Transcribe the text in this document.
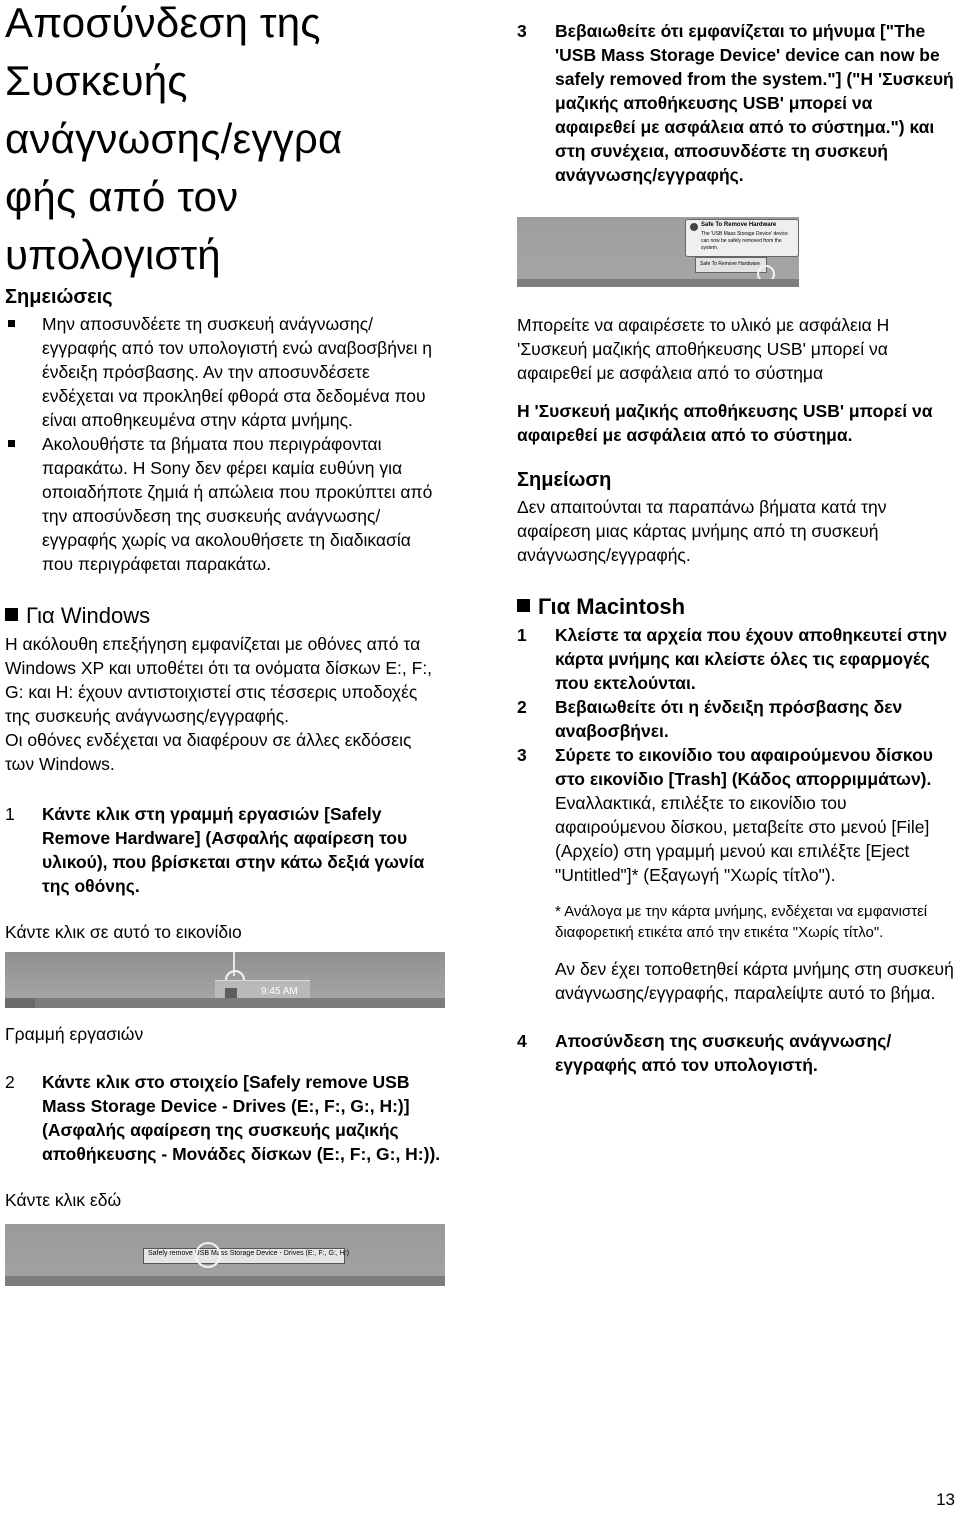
Αποσύνδεση της
Συσκευής
ανάγνωσης/εγγρα
φής από τον
υπολογιστή
Σημειώσεις
Μην αποσυνδέετε τη συσκευή ανάγνωσης/εγγραφής από τον υπολογιστή ενώ αναβοσβήνει η ένδειξη πρόσβασης. Αν την αποσυνδέσετε ενδέχεται να προκληθεί φθορά στα δεδομένα που είναι αποθηκευμένα στην κάρτα μνήμης.
Ακολουθήστε τα βήματα που περιγράφονται παρακάτω. Η Sony δεν φέρει καμία ευθύνη για οποιαδήποτε ζημιά ή απώλεια που προκύπτει από την αποσύνδεση της συσκευής ανάγνωσης/εγγραφής χωρίς να ακολουθήσετε τη διαδικασία που περιγράφεται παρακάτω.
Για Windows

Η ακόλουθη επεξήγηση εμφανίζεται με οθόνες από τα Windows XP και υποθέτει ότι τα ονόματα δίσκων E:, F:, G: και H: έχουν αντιστοιχιστεί στις τέσσερις υποδοχές της συσκευής ανάγνωσης/εγγραφής.

Οι οθόνες ενδέχεται να διαφέρουν σε άλλες εκδόσεις των Windows.

1 Κάντε κλικ στη γραμμή εργασιών [Safely Remove Hardware] (Ασφαλής αφαίρεση του υλικού), που βρίσκεται στην κάτω δεξιά γωνία της οθόνης.

Κάντε κλικ σε αυτό το εικονίδιο

9:45 AM

Γραμμή εργασιών

2 Κάντε κλικ στο στοιχείο [Safely remove USB Mass Storage Device - Drives (E:, F:, G:, H:)] (Ασφαλής αφαίρεση της συσκευής μαζικής αποθήκευσης - Μονάδες δίσκων (E:, F:, G:, H:)).

Κάντε κλικ εδώ

Safely remove USB Mass Storage Device - Drives (E:, F:, G:, H:)
3 Βεβαιωθείτε ότι εμφανίζεται το μήνυμα ["The 'USB Mass Storage Device' device can now be safely removed from the system."] ("Η 'Συσκευή μαζικής αποθήκευσης USB' μπορεί να αφαιρεθεί με ασφάλεια από το σύστημα.") και στη συνέχεια, αποσυνδέστε τη συσκευή ανάγνωσης/εγγραφής.
Safe To Remove Hardware
The 'USB Mass Storage Device' device can now be safely removed from the system.
Safe To Remove Hardware

Μπορείτε να αφαιρέσετε το υλικό με ασφάλεια Η 'Συσκευή μαζικής αποθήκευσης USB' μπορεί να αφαιρεθεί με ασφάλεια από το σύστημα

Η 'Συσκευή μαζικής αποθήκευσης USB' μπορεί να αφαιρεθεί με ασφάλεια από το σύστημα.

Σημείωση

Δεν απαιτούνται τα παραπάνω βήματα κατά την αφαίρεση μιας κάρτας μνήμης από τη συσκευή ανάγνωσης/εγγραφής.

Για Macintosh
1 Κλείστε τα αρχεία που έχουν αποθηκευτεί στην κάρτα μνήμης και κλείστε όλες τις εφαρμογές που εκτελούνται.
2 Βεβαιωθείτε ότι η ένδειξη πρόσβασης δεν αναβοσβήνει.
3 Σύρετε το εικονίδιο του αφαιρούμενου δίσκου στο εικονίδιο [Trash] (Κάδος απορριμμάτων).
Εναλλακτικά, επιλέξτε το εικονίδιο του αφαιρούμενου δίσκου, μεταβείτε στο μενού [File] (Αρχείο) στη γραμμή μενού και επιλέξτε [Eject "Untitled"]* (Εξαγωγή "Χωρίς τίτλο").

* Ανάλογα με την κάρτα μνήμης, ενδέχεται να εμφανιστεί διαφορετική ετικέτα από την ετικέτα "Χωρίς τίτλο".

Αν δεν έχει τοποθετηθεί κάρτα μνήμης στη συσκευή ανάγνωσης/εγγραφής, παραλείψτε αυτό το βήμα.

4 Αποσύνδεση της συσκευής ανάγνωσης/εγγραφής από τον υπολογιστή.
13
